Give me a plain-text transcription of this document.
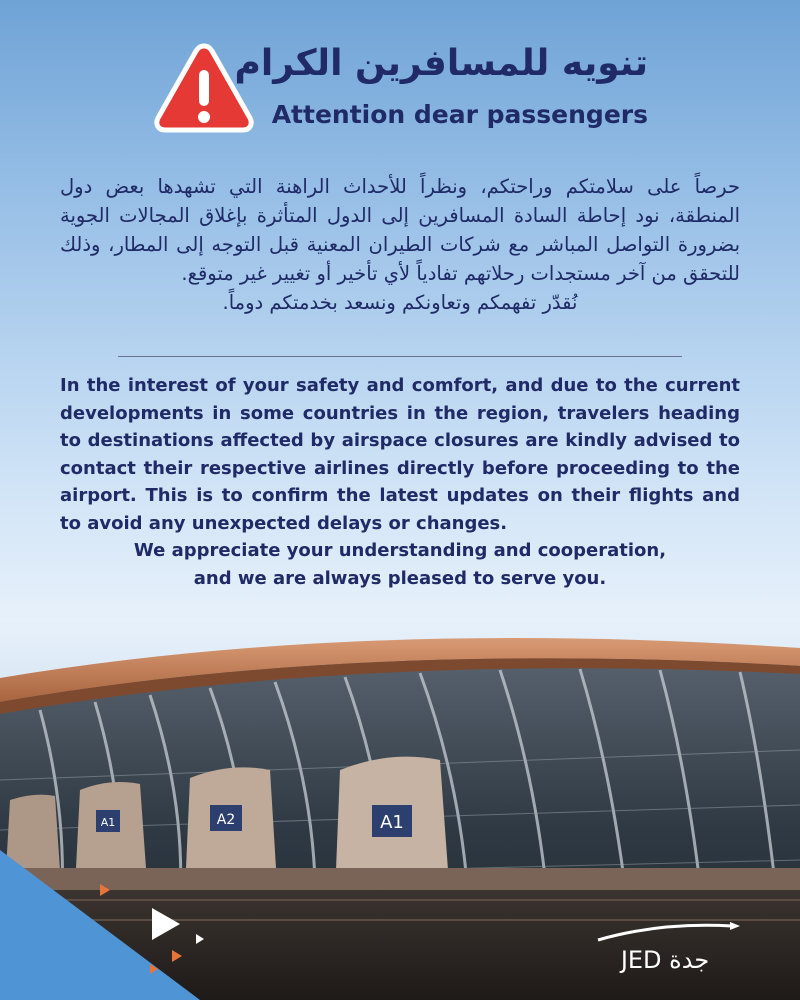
تنويه للمسافرين الكرام
Attention dear passengers

حرصاً على سلامتكم وراحتكم، ونظراً للأحداث الراهنة التي تشهدها بعض دول المنطقة، نود إحاطة السادة المسافرين إلى الدول المتأثرة بإغلاق المجالات الجوية بضرورة التواصل المباشر مع شركات الطيران المعنية قبل التوجه إلى المطار، وذلك للتحقق من آخر مستجدات رحلاتهم تفادياً لأي تأخير أو تغيير غير متوقع.

نُقدّر تفهمكم وتعاونكم ونسعد بخدمتكم دوماً.

In the interest of your safety and comfort, and due to the current developments in some countries in the region, travelers heading to destinations affected by airspace closures are kindly advised to contact their respective airlines directly before proceeding to the airport. This is to confirm the latest updates on their flights and to avoid any unexpected delays or changes.

We appreciate your understanding and cooperation,

and we are always pleased to serve you.

A1
A2
A1
JED جدة
